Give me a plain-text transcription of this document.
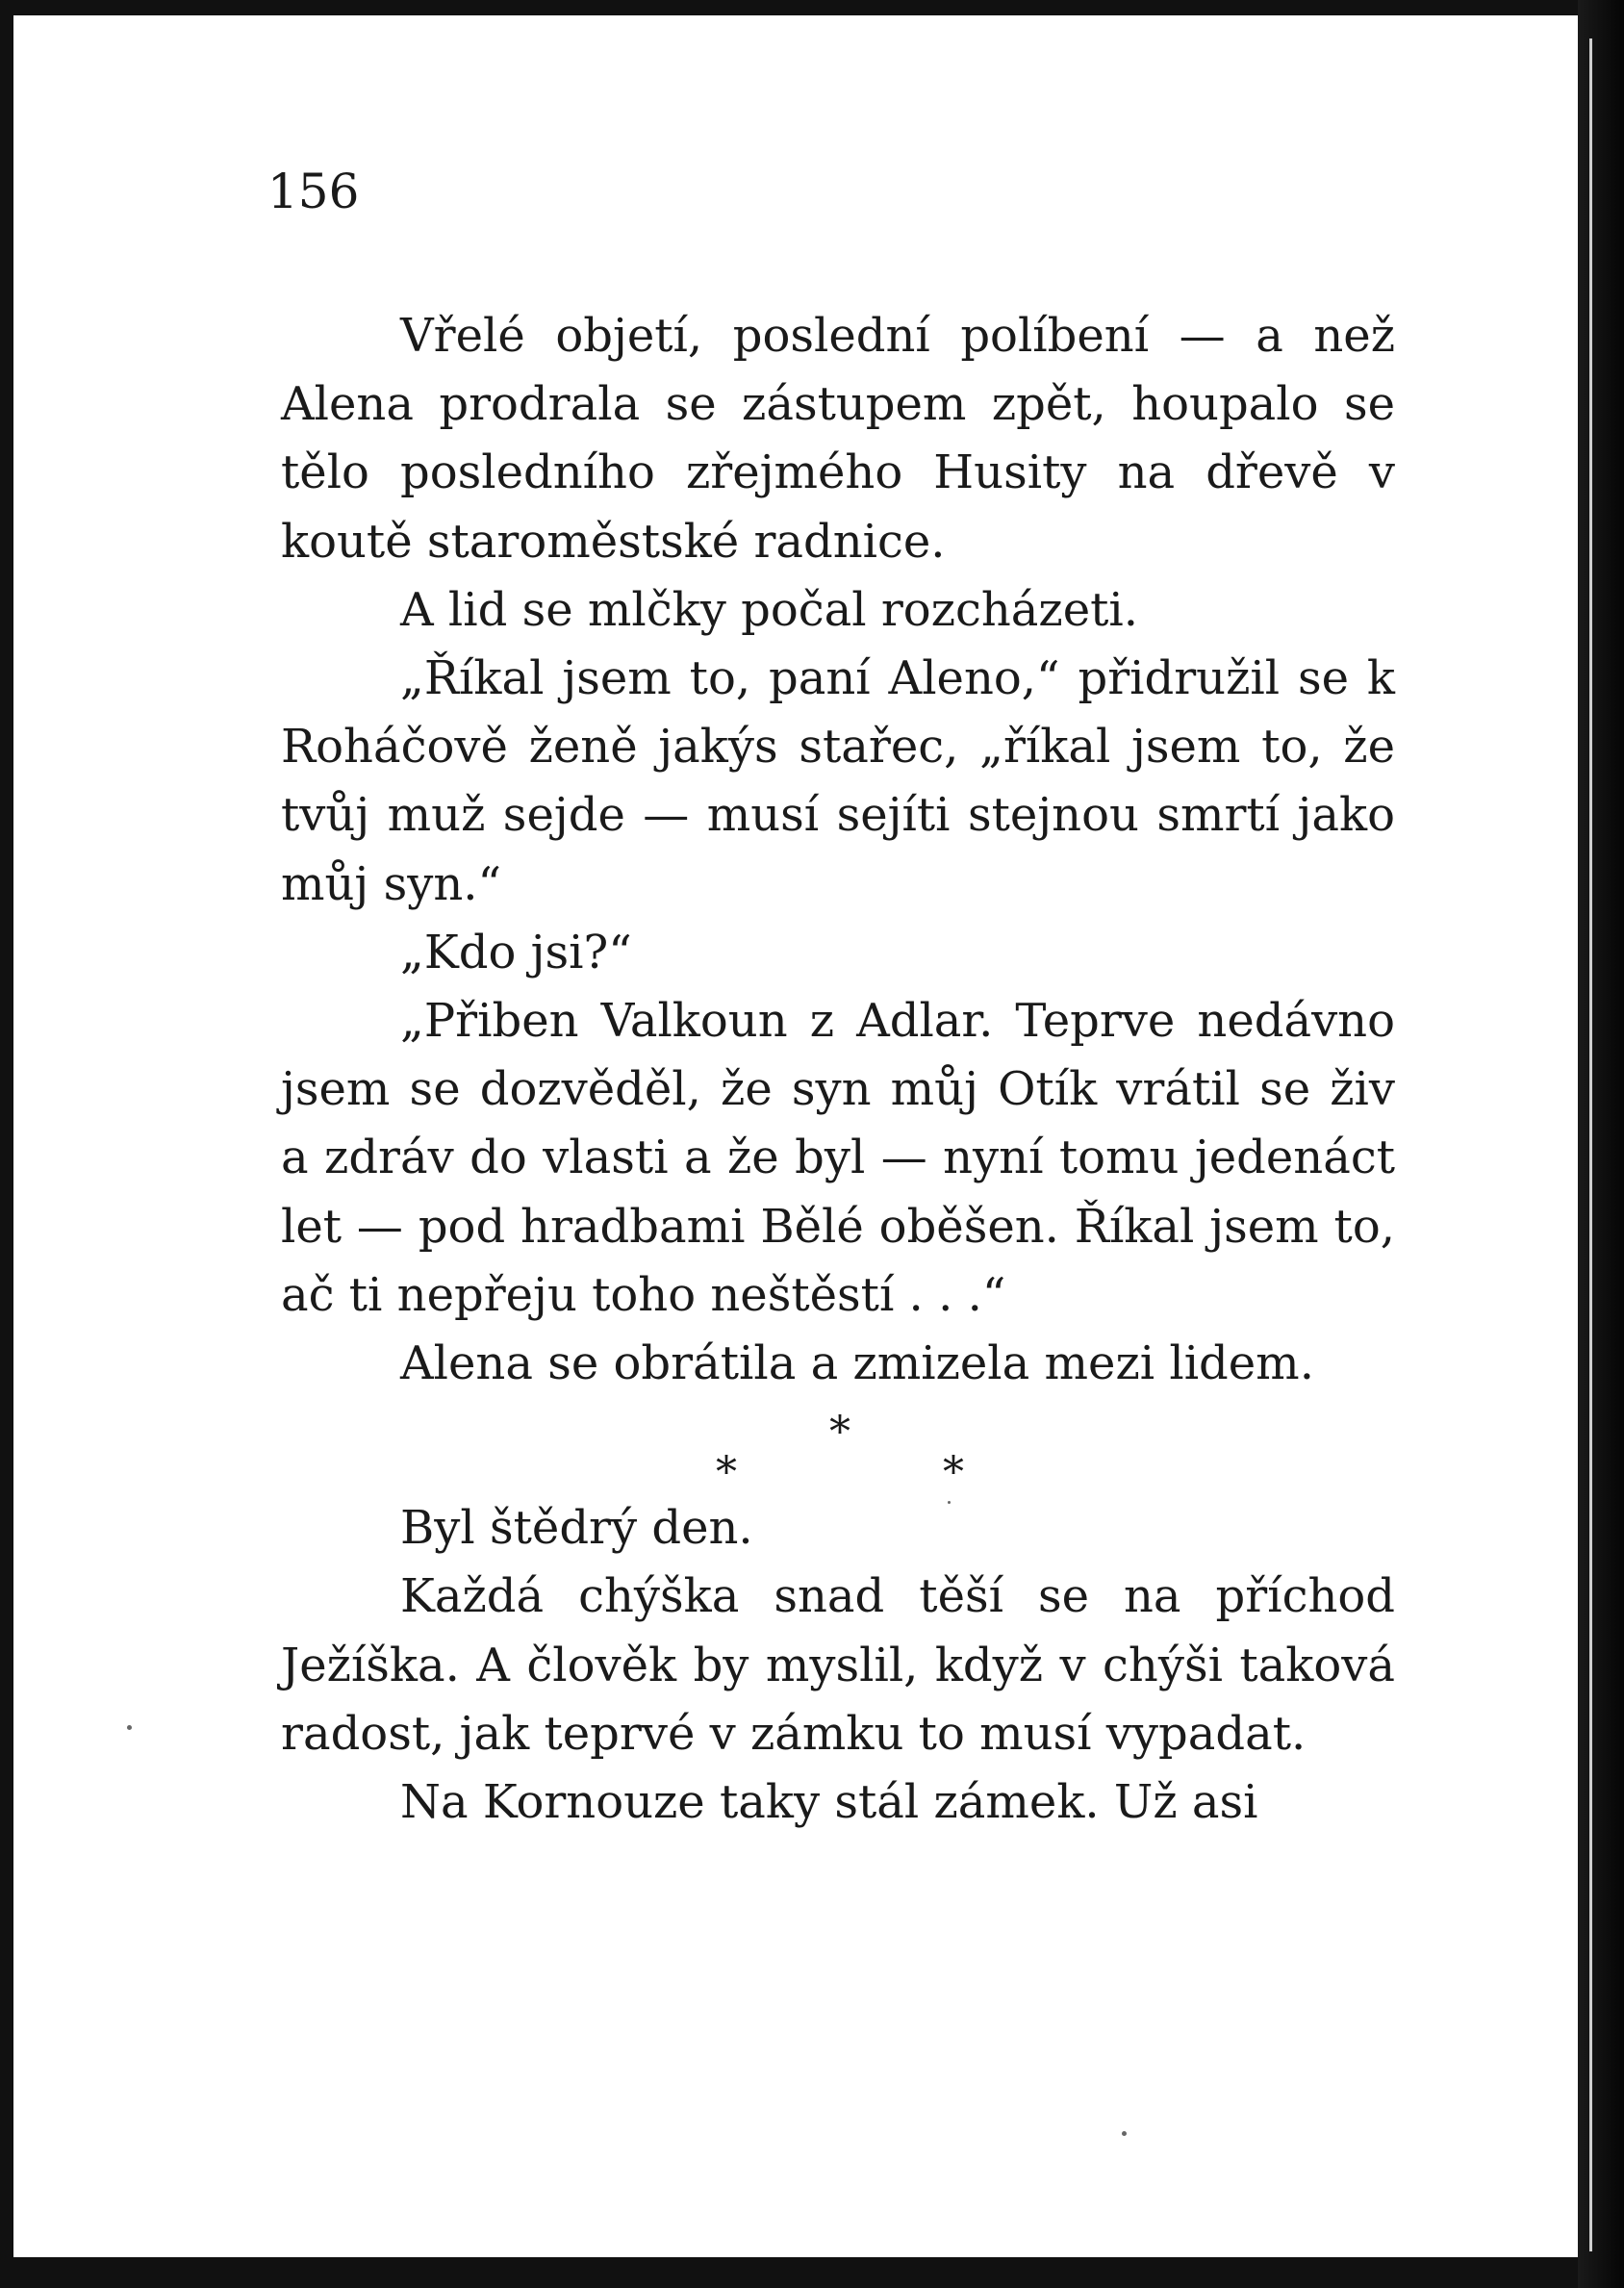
156

Vřelé objetí, poslední políbení — a než Alena prodrala se zástupem zpět, houpalo se tělo posledního zřejmého Husity na dřevě v koutě staroměstské radnice.

A lid se mlčky počal rozcházeti.

„Říkal jsem to, paní Aleno,“ přidružil se k Roháčově ženě jakýs stařec, „říkal jsem to, že tvůj muž sejde — musí sejíti stejnou smrtí jako můj syn.“

„Kdo jsi?“

„Přiben Valkoun z Adlar. Teprve nedávno jsem se dozvěděl, že syn můj Otík vrátil se živ a zdráv do vlasti a že byl — nyní tomu jedenáct let — pod hradbami Bělé oběšen. Říkal jsem to, ač ti nepřeju toho neštěstí . . .“

Alena se obrátila a zmizela mezi lidem.

*
*	*

Byl štědrý den.

Každá chýška snad těší se na příchod Ježíška. A člověk by myslil, když v chýši taková radost, jak teprvé v zámku to musí vypadat.

Na Kornouze taky stál zámek. Už asi
